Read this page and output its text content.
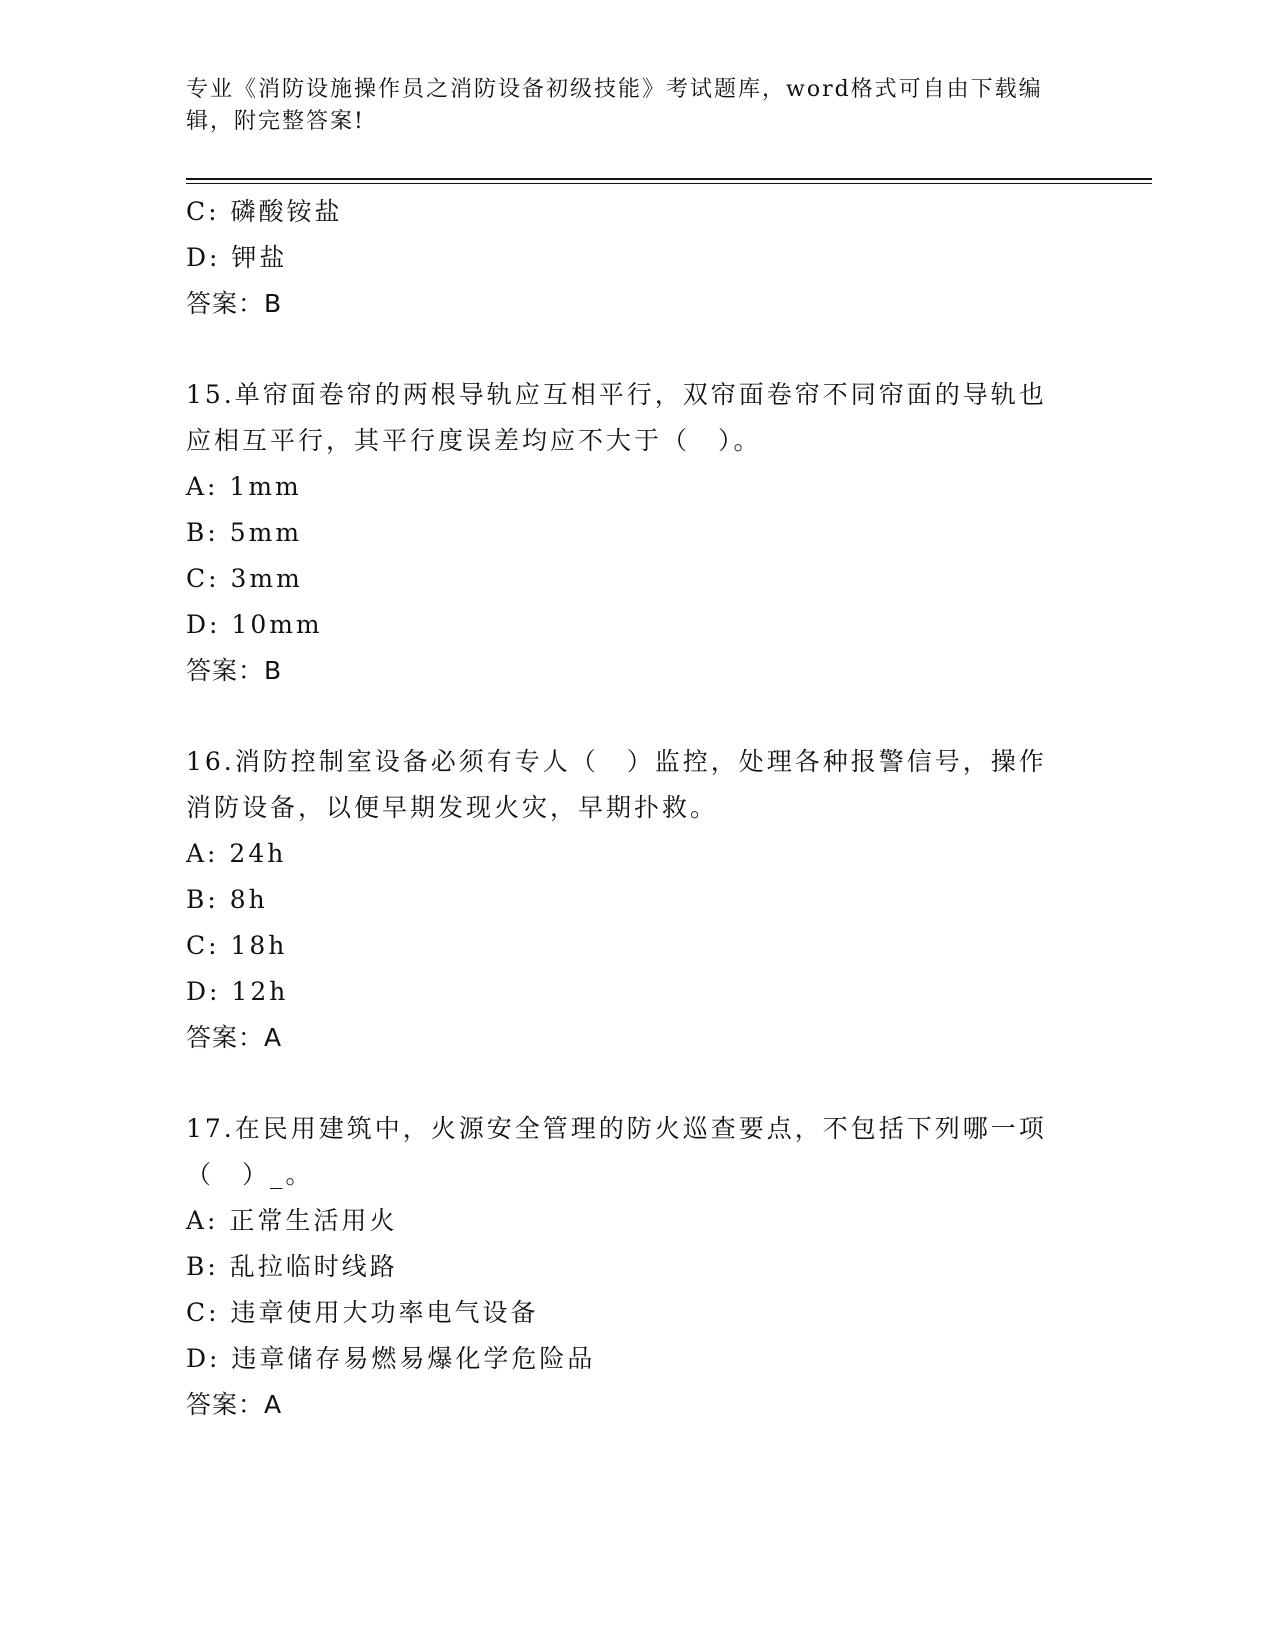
专业《消防设施操作员之消防设备初级技能》考试题库，word格式可自由下载编
辑，附完整答案!
C: 磷酸铵盐
D: 钾盐
答案：B
15.单帘面卷帘的两根导轨应互相平行，双帘面卷帘不同帘面的导轨也
应相互平行，其平行度误差均应不大于（　）。
A: 1mm
B: 5mm
C: 3mm
D: 10mm
答案：B
16.消防控制室设备必须有专人（　）监控，处理各种报警信号，操作
消防设备，以便早期发现火灾，早期扑救。
A: 24h
B: 8h
C: 18h
D: 12h
答案：A
17.在民用建筑中，火源安全管理的防火巡查要点，不包括下列哪一项
（　）_。
A: 正常生活用火
B: 乱拉临时线路
C: 违章使用大功率电气设备
D: 违章储存易燃易爆化学危险品
答案：A
